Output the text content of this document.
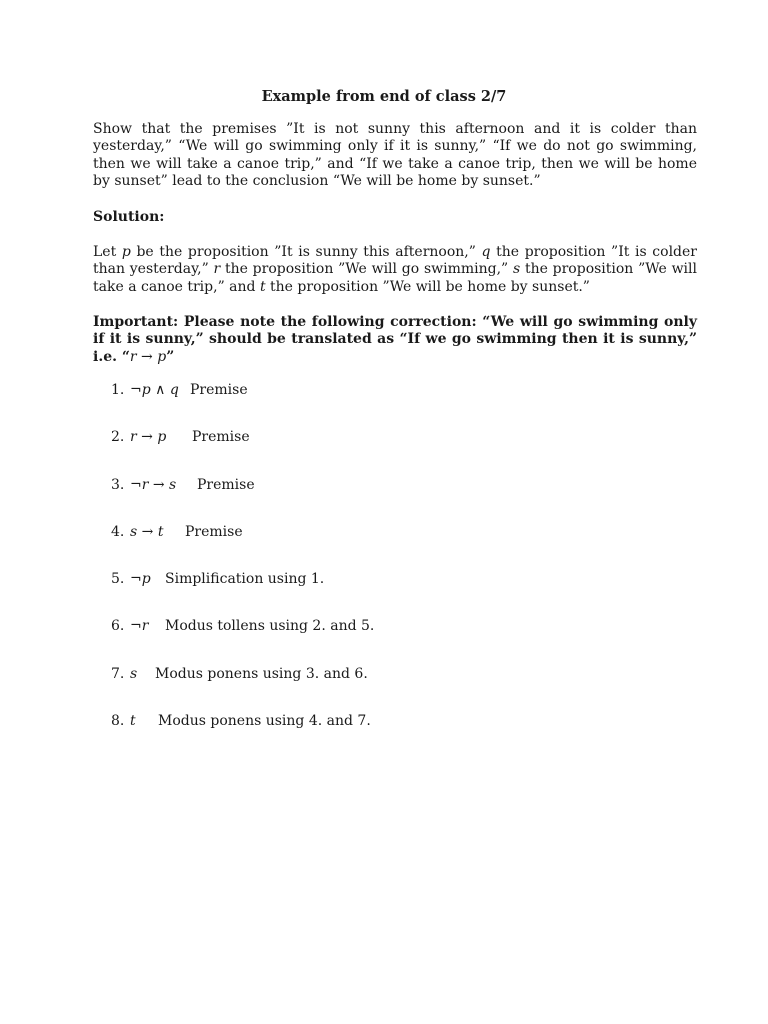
Example from end of class 2/7
Show that the premises ”It is not sunny this afternoon and it is colder than yesterday,” “We will go swimming only if it is sunny,” “If we do not go swimming, then we will take a canoe trip,” and “If we take a canoe trip, then we will be home by sunset” lead to the conclusion “We will be home by sunset.”
Solution:
Let p be the proposition ”It is sunny this afternoon,” q the proposition ”It is colder than yesterday,” r the proposition ”We will go swimming,” s the proposition ”We will take a canoe trip,” and t the proposition ”We will be home by sunset.”
Important: Please note the following correction: “We will go swimming only if it is sunny,” should be translated as “If we go swimming then it is sunny,” i.e. “r → p”
1. ¬p ∧ q Premise
2. r → p Premise
3. ¬r → s Premise
4. s → t Premise
5. ¬p Simplification using 1.
6. ¬r Modus tollens using 2. and 5.
7. s Modus ponens using 3. and 6.
8. t Modus ponens using 4. and 7.
